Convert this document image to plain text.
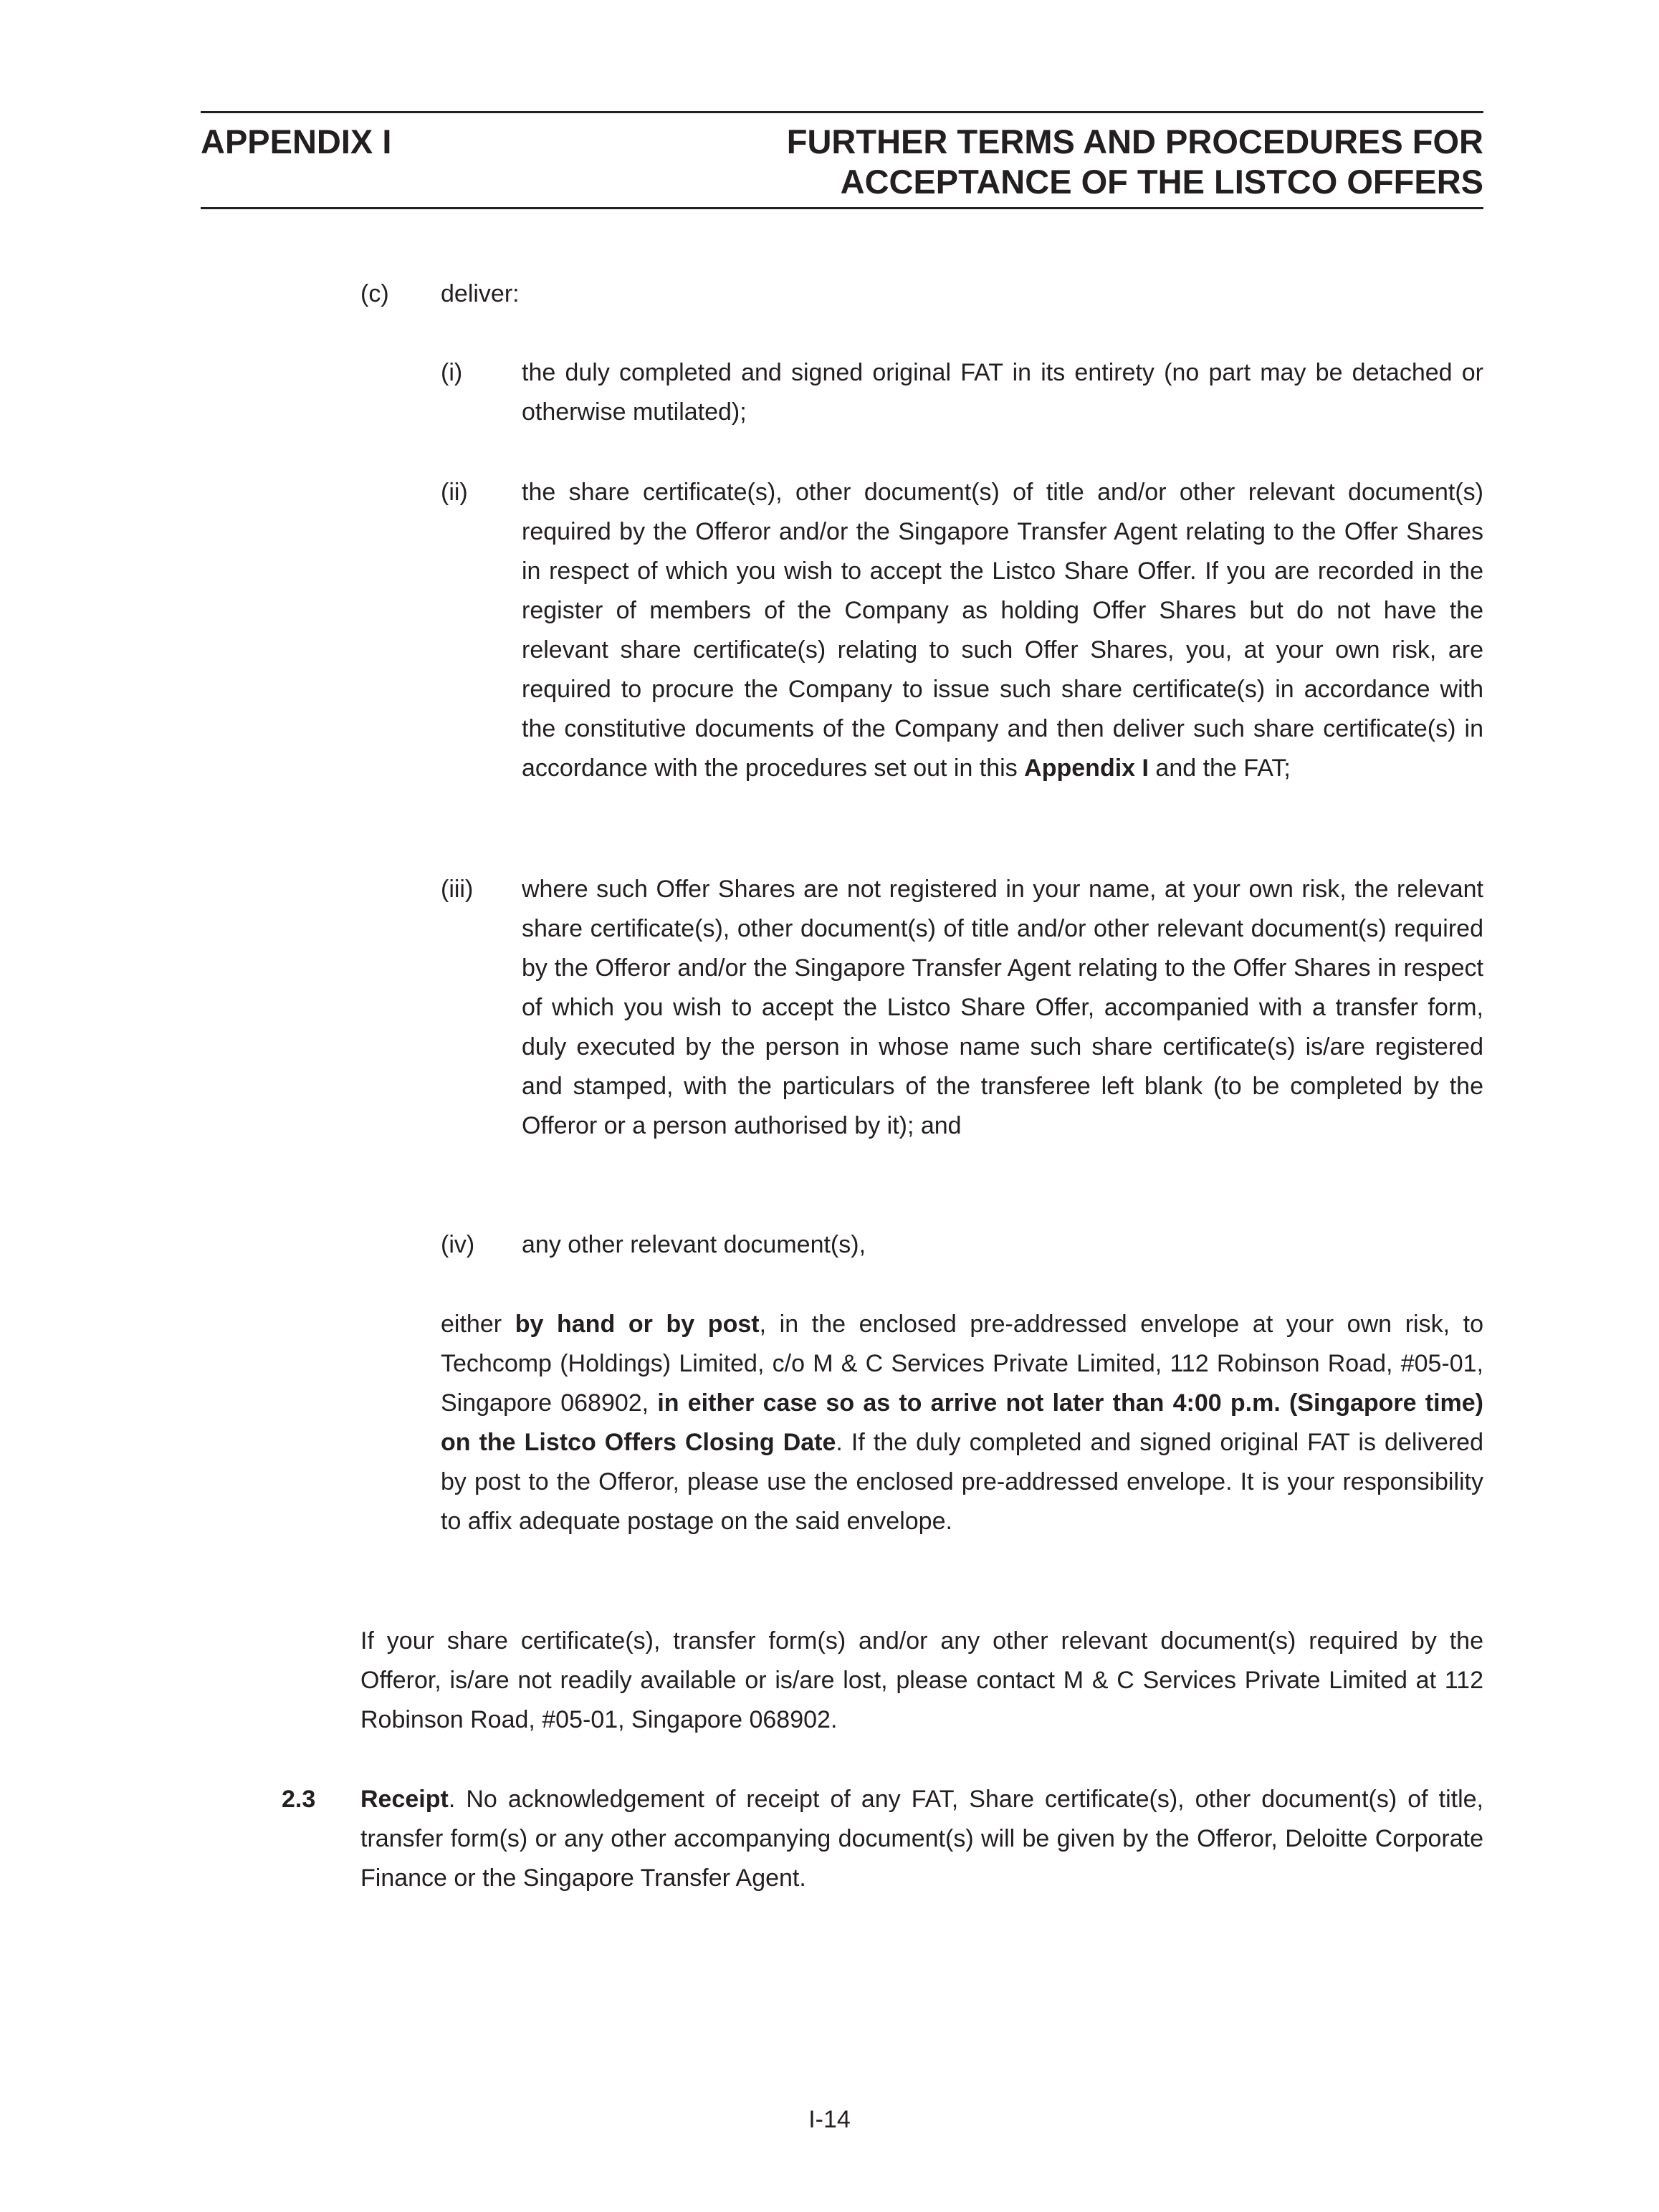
APPENDIX I	FURTHER TERMS AND PROCEDURES FOR
ACCEPTANCE OF THE LISTCO OFFERS
(c) deliver:
(i) the duly completed and signed original FAT in its entirety (no part may be detached or otherwise mutilated);
(ii) the share certificate(s), other document(s) of title and/or other relevant document(s) required by the Offeror and/or the Singapore Transfer Agent relating to the Offer Shares in respect of which you wish to accept the Listco Share Offer. If you are recorded in the register of members of the Company as holding Offer Shares but do not have the relevant share certificate(s) relating to such Offer Shares, you, at your own risk, are required to procure the Company to issue such share certificate(s) in accordance with the constitutive documents of the Company and then deliver such share certificate(s) in accordance with the procedures set out in this Appendix I and the FAT;
(iii) where such Offer Shares are not registered in your name, at your own risk, the relevant share certificate(s), other document(s) of title and/or other relevant document(s) required by the Offeror and/or the Singapore Transfer Agent relating to the Offer Shares in respect of which you wish to accept the Listco Share Offer, accompanied with a transfer form, duly executed by the person in whose name such share certificate(s) is/are registered and stamped, with the particulars of the transferee left blank (to be completed by the Offeror or a person authorised by it); and
(iv) any other relevant document(s),
either by hand or by post, in the enclosed pre-addressed envelope at your own risk, to Techcomp (Holdings) Limited, c/o M & C Services Private Limited, 112 Robinson Road, #05-01, Singapore 068902, in either case so as to arrive not later than 4:00 p.m. (Singapore time) on the Listco Offers Closing Date. If the duly completed and signed original FAT is delivered by post to the Offeror, please use the enclosed pre-addressed envelope. It is your responsibility to affix adequate postage on the said envelope.
If your share certificate(s), transfer form(s) and/or any other relevant document(s) required by the Offeror, is/are not readily available or is/are lost, please contact M & C Services Private Limited at 112 Robinson Road, #05-01, Singapore 068902.
2.3 Receipt. No acknowledgement of receipt of any FAT, Share certificate(s), other document(s) of title, transfer form(s) or any other accompanying document(s) will be given by the Offeror, Deloitte Corporate Finance or the Singapore Transfer Agent.
I-14
